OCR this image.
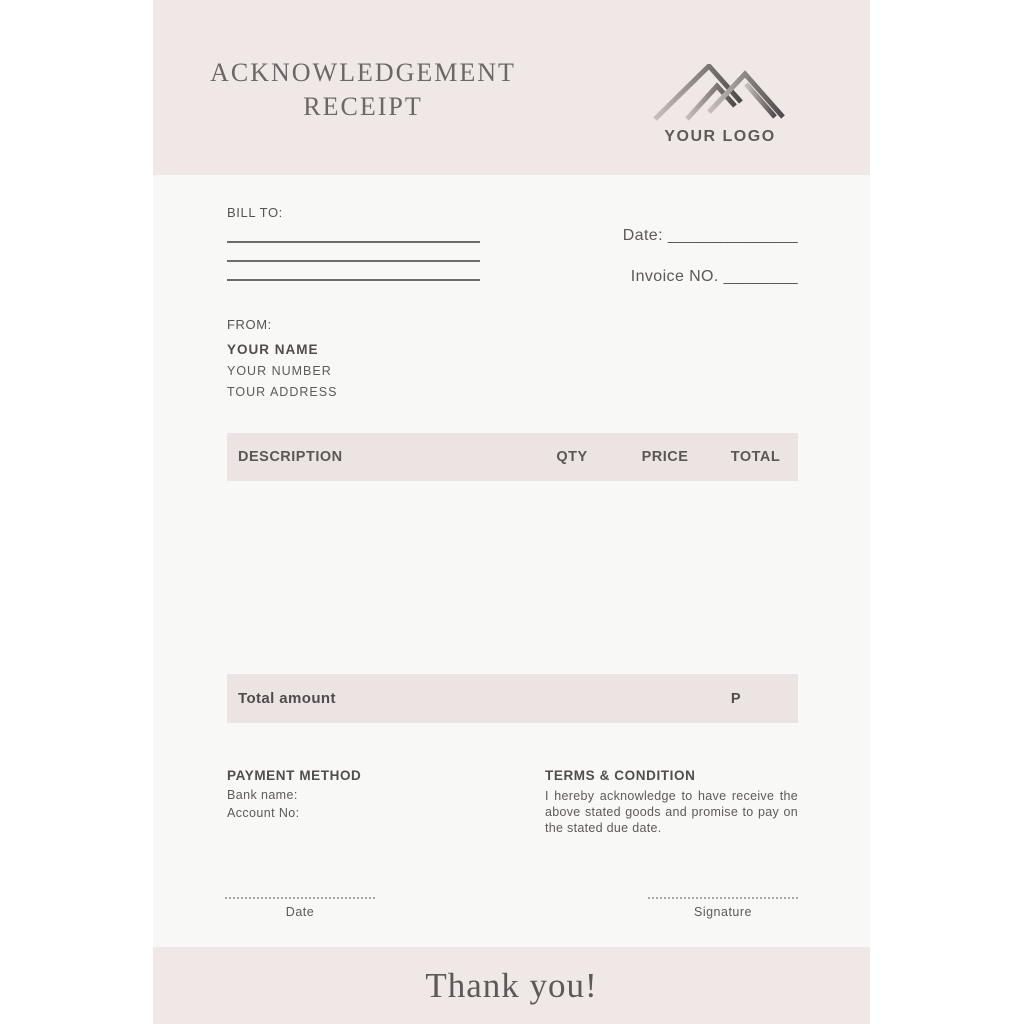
ACKNOWLEDGEMENT
RECEIPT
YOUR LOGO
BILL TO:
Date: ______________
Invoice NO. ________
FROM:
YOUR NAME
YOUR NUMBER
TOUR ADDRESS
DESCRIPTION	QTY	PRICE	TOTAL
Total amount	P
PAYMENT METHOD
Bank name:
Account No:
TERMS & CONDITION
I hereby acknowledge to have receive the above stated goods and promise to pay on the stated due date.
Date	Signature
Thank you!
